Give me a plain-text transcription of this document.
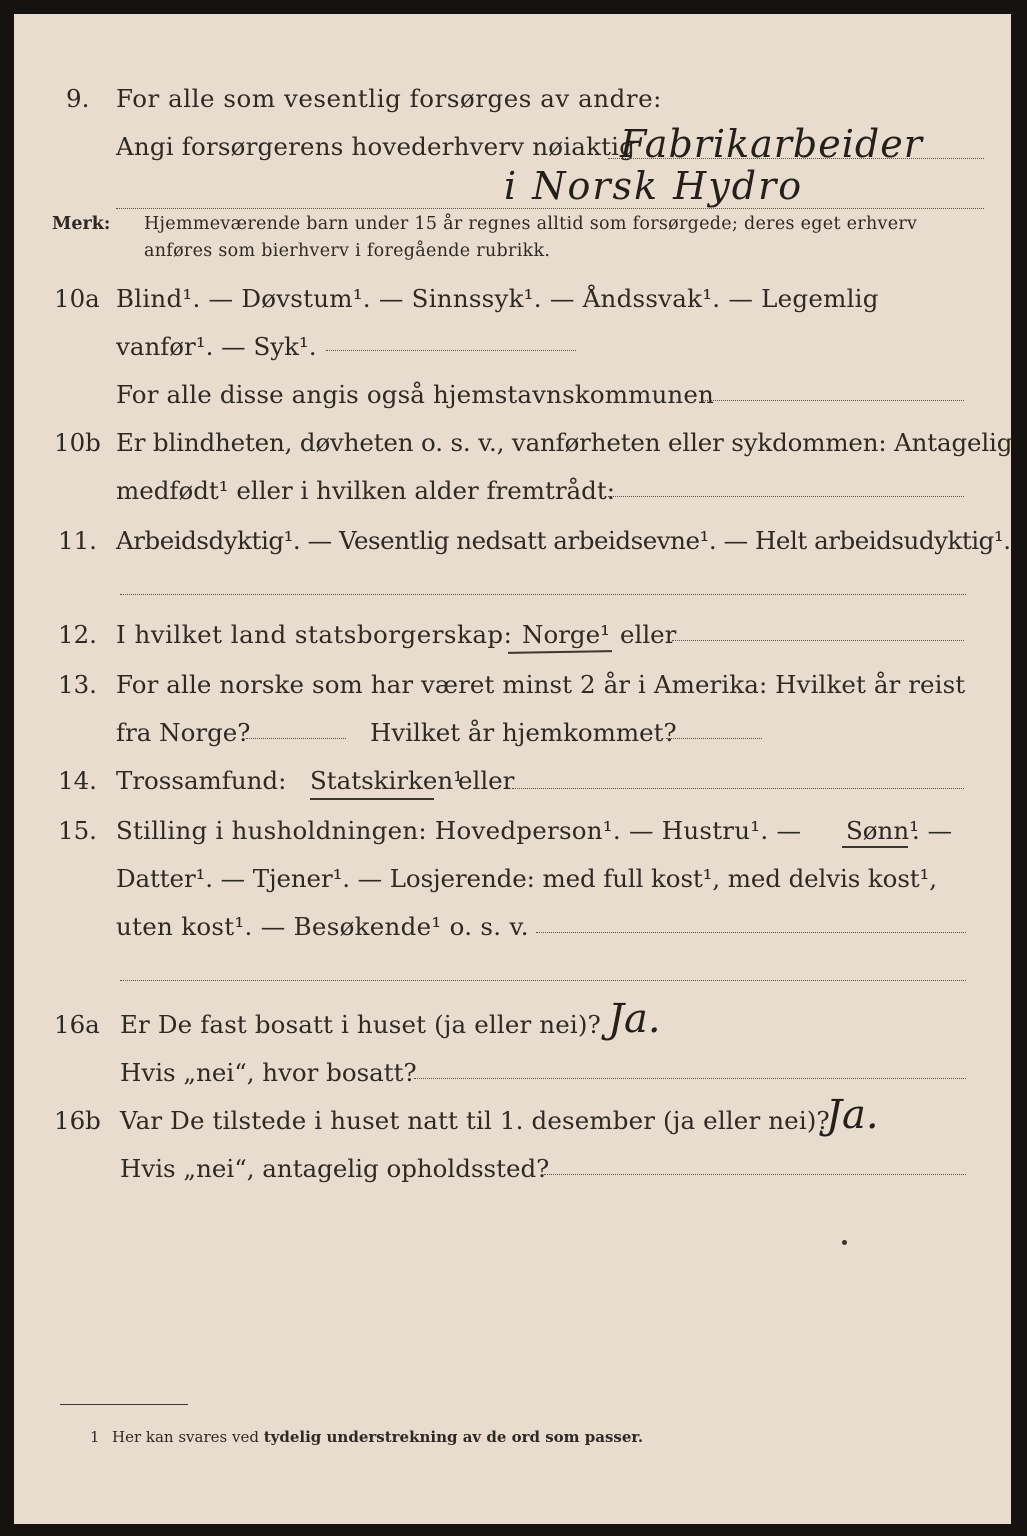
9. For alle som vesentlig forsørges av andre:
Angi forsørgerens hovederhverv nøiaktig
Fabrikarbeider
i Norsk Hydro
Merk: Hjemmeværende barn under 15 år regnes alltid som forsørgede; deres eget erhverv
anføres som bierhverv i foregående rubrikk.
10a Blind¹. — Døvstum¹. — Sinnssyk¹. — Åndssvak¹. — Legemlig
vanfør¹. — Syk¹.
For alle disse angis også hjemstavnskommunen
10b Er blindheten, døvheten o. s. v., vanførheten eller sykdommen: Antagelig
medfødt¹ eller i hvilken alder fremtrådt:
11. Arbeidsdyktig¹. — Vesentlig nedsatt arbeidsevne¹. — Helt arbeidsudyktig¹.
12. I hvilket land statsborgerskap: Norge¹ eller
13. For alle norske som har været minst 2 år i Amerika: Hvilket år reist
fra Norge?	Hvilket år hjemkommet?
14. Trossamfund: Statskirken¹
eller
15. Stilling i husholdningen: Hovedperson¹. — Hustru¹. — Sønn¹
. —
Datter¹. — Tjener¹. — Losjerende: med full kost¹, med delvis kost¹,
uten kost¹. — Besøkende¹ o. s. v.
16a Er De fast bosatt i huset (ja eller nei)? Ja.
Hvis „nei“, hvor bosatt?
16b Var De tilstede i huset natt til 1. desember (ja eller nei)?
Ja.
Hvis „nei“, antagelig opholdssted?
1 Her kan svares ved tydelig understrekning av de ord som passer.
